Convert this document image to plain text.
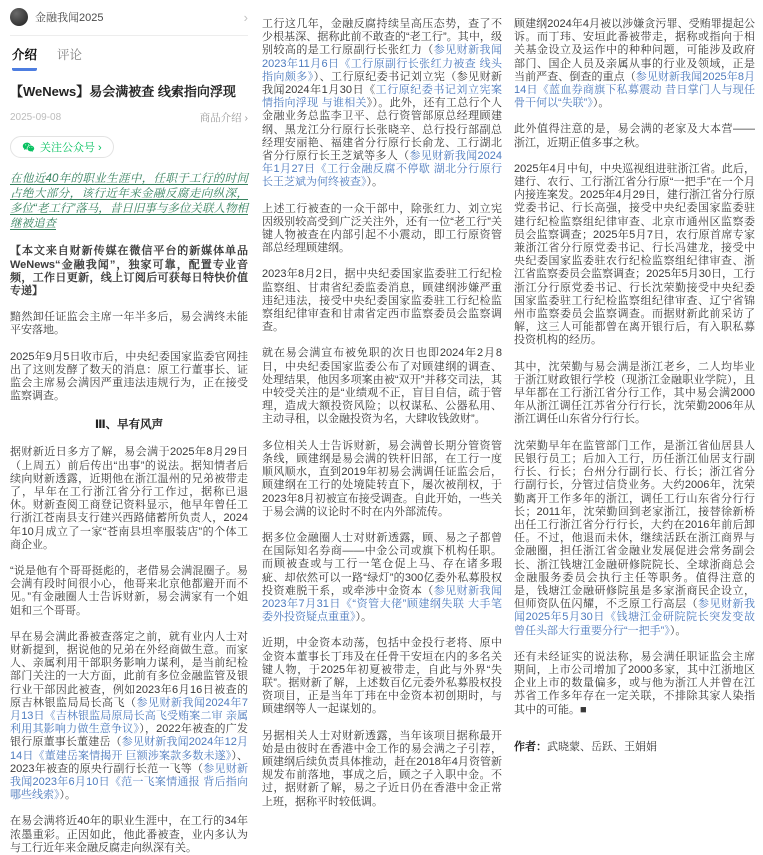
金融我闻2025	›
介绍 评论
【WeNews】易会满被查 线索指向浮现
2025-09-08	商品介绍 ›
关注公众号 ›

在他近40年的职业生涯中，任职于工行的时间占绝大部分，该行近年来金融反腐走向纵深，多位“老工行”落马，昔日旧事与多位关联人物相继被追查

【本文来自财新传媒在微信平台的新媒体单品 WeNews“金融我闻”，独家可靠，配置专业音频，工作日更新，线上订阅后可获每日特快价值专递】

黯然卸任证监会主席一年半多后，易会满终未能平安落地。

2025年9月5日收市后，中央纪委国家监委官网挂出了这则发酵了数天的消息：原工行董事长、证监会主席易会满因严重违法违规行为，正在接受监察调查。

Ⅲ、早有风声

据财新近日多方了解，易会满于2025年8月29日（上周五）前后传出“出事”的说法。据知情者后续向财新透露，近期他在浙江温州的兄弟被带走了，早年在工行浙江省分行工作过，据称已退休。财新查阅工商登记资料显示，他早年曾任工行浙江苍南县支行建兴西路储蓄所负责人，2024年10月成立了一家“苍南县坦率服装店”的个体工商企业。

“说是他有个哥哥挺彪的，老借易会满混圈子。易会满有段时间很小心，他哥来北京他都避开而不见。”有金融圈人士告诉财新，易会满家有一个姐姐和三个哥哥。

早在易会满此番被查落定之前，就有业内人士对财新提到，据说他的兄弟在外经商做生意。而家人、亲属利用干部职务影响力谋利，是当前纪检部门关注的一大方面，此前有多位金融监管及银行业干部因此被查，例如2023年6月16日被查的原吉林银监局局长高飞（参见财新我闻2024年7月13日《吉林银监局原局长高飞受贿案二审 亲属利用其影响力做生意争议》），2022年被查的广发银行原董事长董建岳（参见财新我闻2024年12月14日《董建岳案情揭开 巨额涉案款多数未遂》）、2023年被查的原央行副行长范一飞等（参见财新我闻2023年6月10日《范一飞案情通报 背后指向哪些线索》）。

在易会满将近40年的职业生涯中，在工行的34年浓墨重彩。正因如此，他此番被查，业内多认为与工行近年来金融反腐走向纵深有关。

工行这几年，金融反腐持续呈高压态势，查了不少根基深、据称此前不敢查的“老工行”。其中，级别较高的是工行原副行长张红力（参见财新我闻2023年11月6日《工行原副行长张红力被查 线头指向颇多》）、工行原纪委书记刘立宪（参见财新我闻2024年1月30日《工行原纪委书记刘立宪案情指向浮现 与谁相关》）。此外，还有工总行个人金融业务总监李卫平、总行资管部原总经理顾建纲、黑龙江分行原行长张晓辛、总行投行部副总经理安丽艳、福建省分行原行长俞龙、工行湖北省分行原行长王芝斌等多人（参见财新我闻2024年1月27日《工行金融反腐不停歇 湖北分行原行长王芝斌为何终被查》）。

上述工行被查的一众干部中，除张红力、刘立宪因级别较高受到广泛关注外，还有一位“老工行”关键人物被查在内部引起不小震动，即工行原资管部总经理顾建纲。

2023年8月2日，据中央纪委国家监委驻工行纪检监察组、甘肃省纪委监委消息，顾建纲涉嫌严重违纪违法，接受中央纪委国家监委驻工行纪检监察组纪律审查和甘肃省定西市监察委员会监察调查。

就在易会满宣布被免职的次日也即2024年2月8日，中央纪委国家监委公布了对顾建纲的调查、处理结果，他因多项案由被“双开”并移交司法，其中较受关注的是“业绩观不正，盲目自信，疏于管理，造成大额投资风险；以权谋私、公器私用、主动寻租，以金融投资为名，大肆收钱敛财”。

多位相关人士告诉财新，易会满曾长期分管资管条线，顾建纲是易会满的铁杆旧部，在工行一度顺风顺水，直到2019年初易会满调任证监会后，顾建纲在工行的处境陡转直下，屡次被削权，于2023年8月初被宣布接受调查。自此开始，一些关于易会满的议论时不时在内外部流传。

据多位金融圈人士对财新透露，顾、易之子都曾在国际知名券商——中金公司或旗下机构任职。而顾被查或与工行一笔仓促上马、存在诸多瑕疵、却依然可以一路“绿灯”的300亿委外私募股权投资难脱干系，或牵涉中金资本（参见财新我闻2023年7月31日《“资管大佬”顾建纲失联 大手笔委外投资疑点重重》）。

近期，中金资本动荡，包括中金投行老将、原中金资本董事长丁玮及在任骨干安垣在内的多名关键人物，于2025年初夏被带走，自此与外界“失联”。据财新了解，上述数百亿元委外私募股权投资项目，正是当年丁玮在中金资本初创期时，与顾建纲等人一起谋划的。

另据相关人士对财新透露，当年该项目据称最开始是由彼时在香港中金工作的易会满之子引荐，顾建纲后续负责具体推动，赶在2018年4月资管新规发布前落地，事成之后，顾之子入职中金。不过，据财新了解，易之子近日仍在香港中金正常上班，据称平时较低调。

顾建纲2024年4月被以涉嫌贪污罪、受贿罪提起公诉。而丁玮、安垣此番被带走，据称或指向于相关基金设立及运作中的种种问题，可能涉及政府部门、国企人员及亲属从事的行业及领域，正是当前严查、倒查的重点（参见财新我闻2025年8月14日《蓝血券商旗下私募震动 昔日掌门人与现任骨干何以“失联”》）。

此外值得注意的是，易会满的老家及大本营——浙江，近期正值多事之秋。

2025年4月中旬，中央巡视组进驻浙江省。此后，建行、农行、工行浙江省分行原“一把手”在一个月内接连案发。2025年4月29日，建行浙江省分行原党委书记、行长高强，接受中央纪委国家监委驻建行纪检监察组纪律审查、北京市通州区监察委员会监察调查；2025年5月7日，农行原首席专家兼浙江省分行原党委书记、行长冯建龙，接受中央纪委国家监委驻农行纪检监察组纪律审查、浙江省监察委员会监察调查；2025年5月30日，工行浙江分行原党委书记、行长沈荣勤接受中央纪委国家监委驻工行纪检监察组纪律审查、辽宁省锦州市监察委员会监察调查。而据财新此前采访了解，这三人可能都曾在离开银行后，有入职私募投资机构的经历。

其中，沈荣勤与易会满是浙江老乡，二人均毕业于浙江财政银行学校（现浙江金融职业学院），且早年都在工行浙江省分行工作，其中易会满2000年从浙江调任江苏省分行行长，沈荣勤2006年从浙江调任山东省分行行长。

沈荣勤早年在监管部门工作，是浙江省仙居县人民银行员工；后加入工行，历任浙江仙居支行副行长、行长；台州分行副行长、行长；浙江省分行副行长，分管过信贷业务。大约2006年，沈荣勤离开工作多年的浙江，调任工行山东省分行行长；2011年，沈荣勤回到老家浙江，接替徐新桥出任工行浙江省分行行长，大约在2016年前后卸任。不过，他退而未休，继续活跃在浙江商界与金融圈，担任浙江省金融业发展促进会常务副会长、浙江钱塘江金融研修院院长、全球浙商总会金融服务委员会执行主任等职务。值得注意的是，钱塘江金融研修院虽是多家浙商民企设立，但师资队伍闪耀，不乏原工行高层（参见财新我闻2025年5月30日《钱塘江金研院院长突发变故 曾任头部大行重要分行“一把手”》）。

还有未经证实的说法称，易会满任职证监会主席期间，上市公司增加了2000多家，其中江浙地区企业上市的数量偏多，或与他为浙江人并曾在江苏省工作多年存在一定关联，不排除其家人染指其中的可能。■

作者：武晓蒙、岳跃、王娟娟
